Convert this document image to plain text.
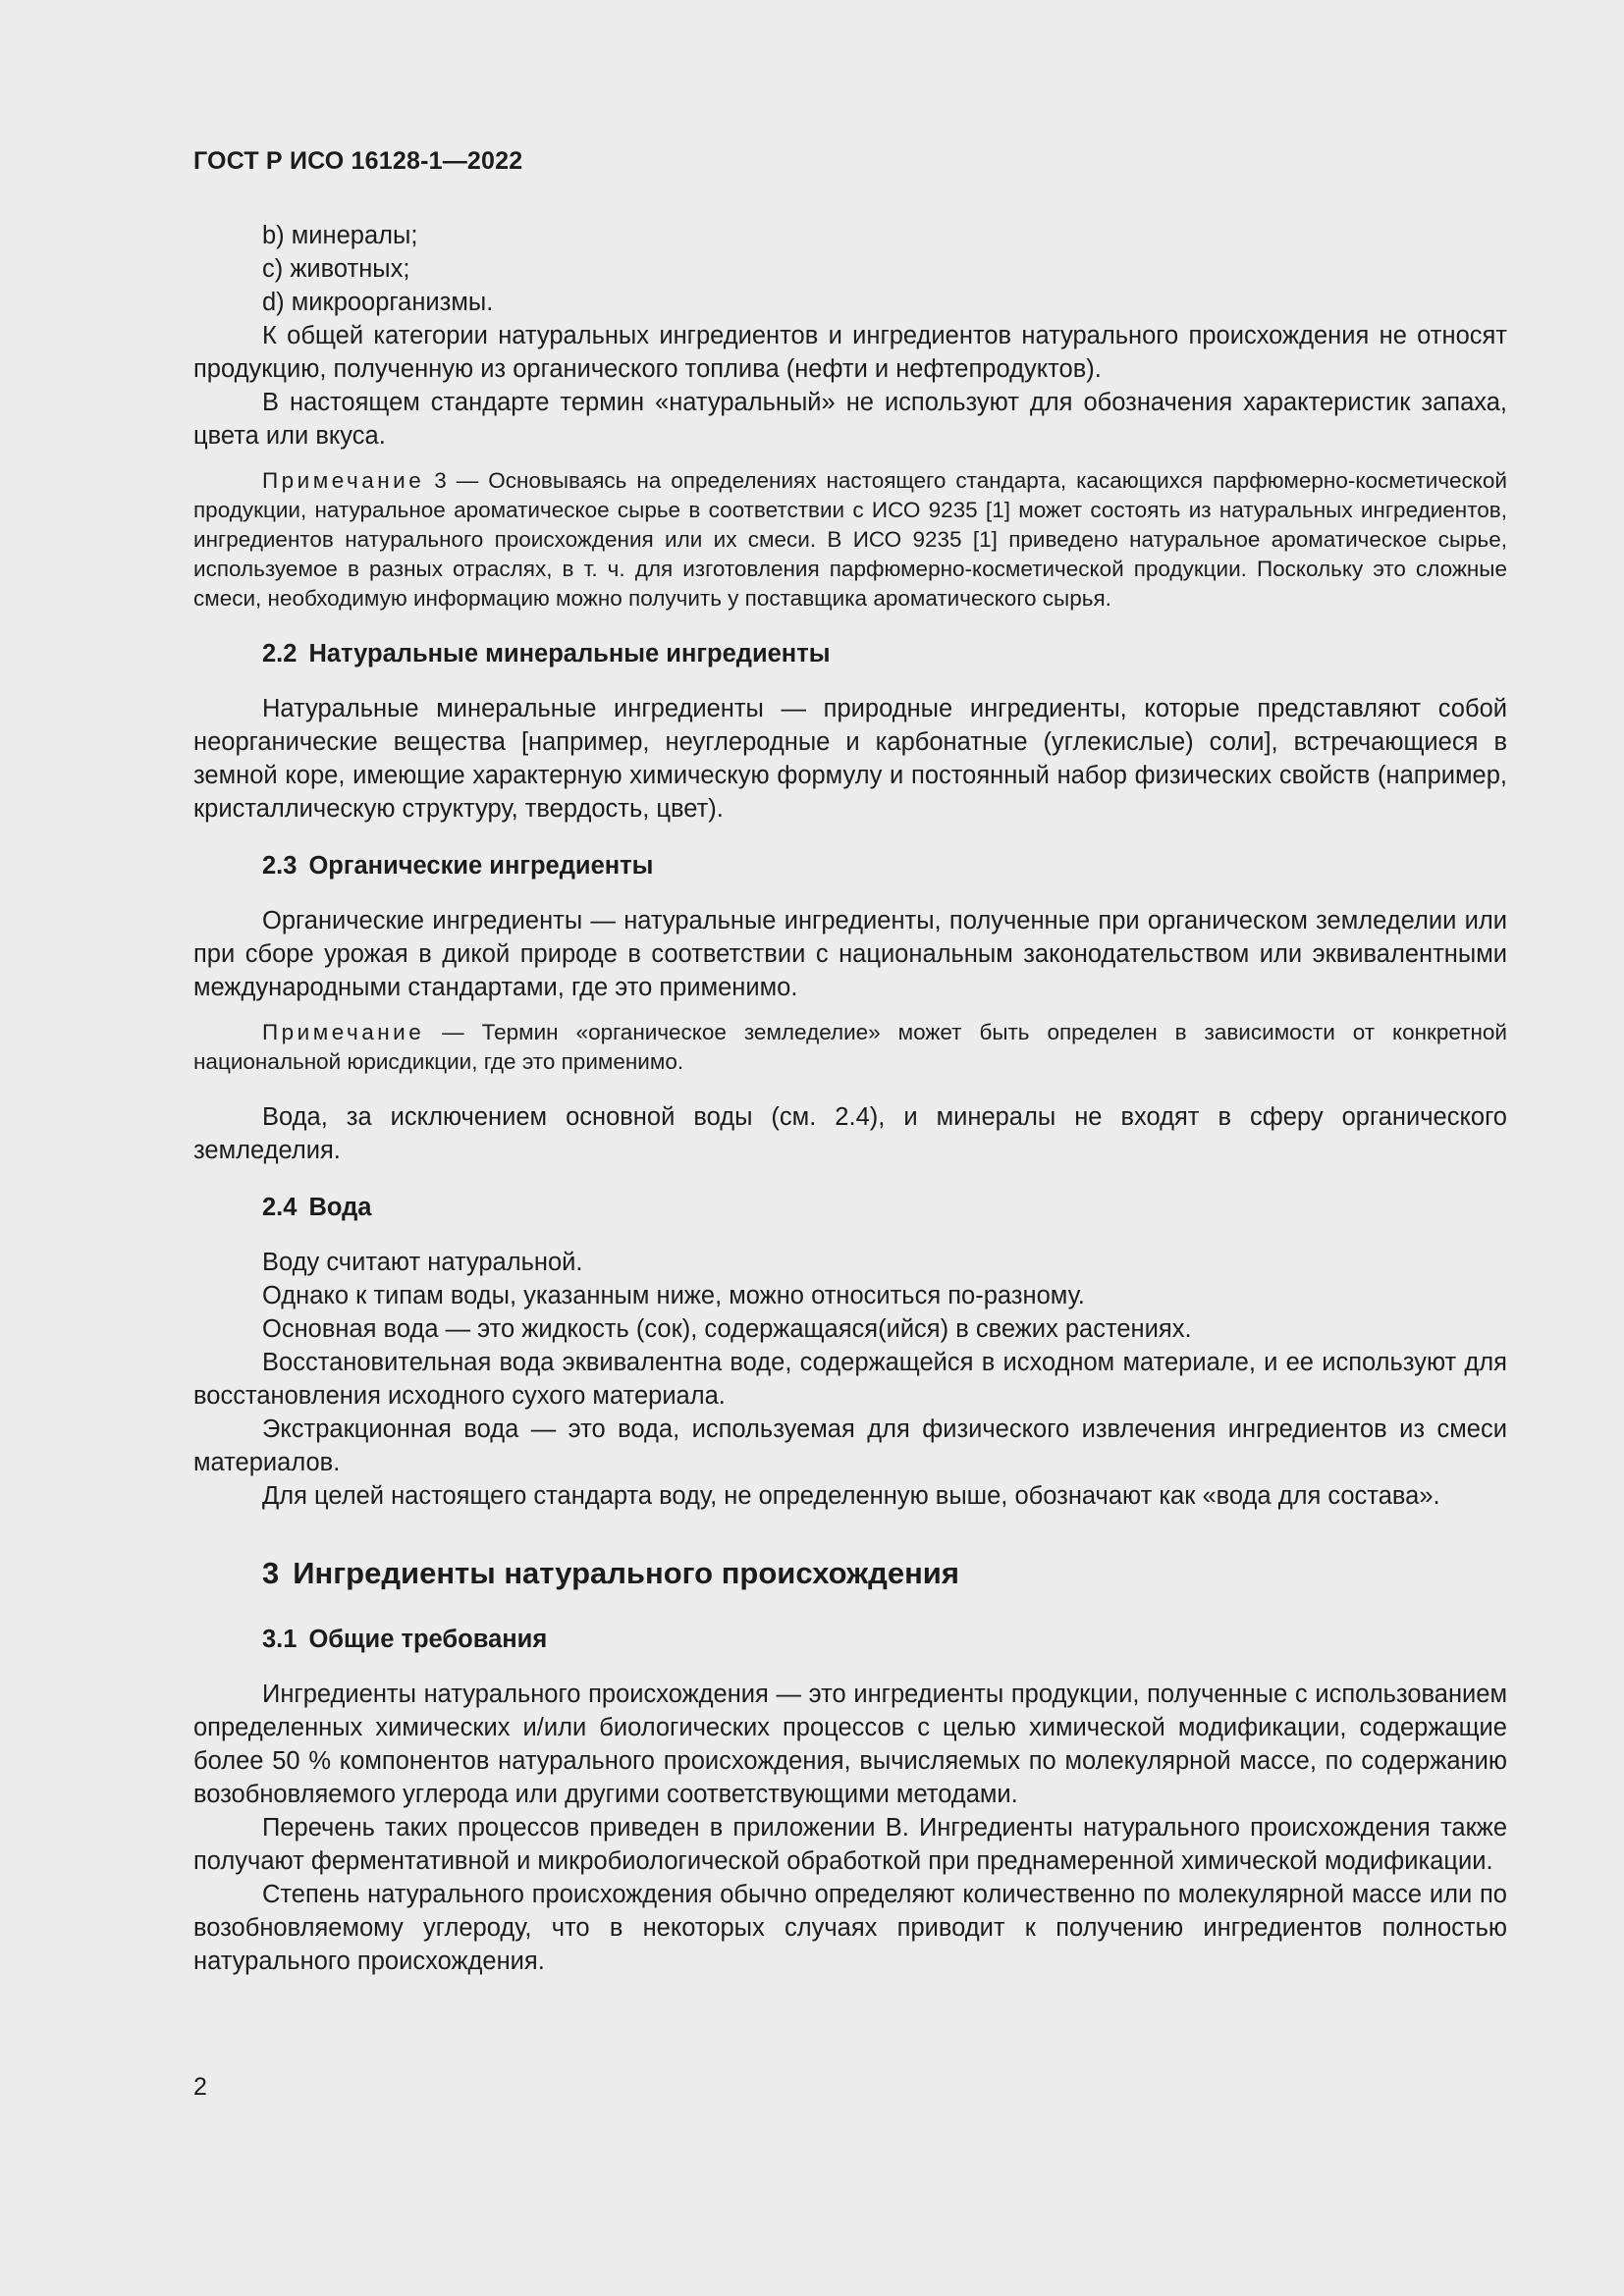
ГОСТ Р ИСО 16128-1—2022

b) минералы;

с) животных;

d) микроорганизмы.

К общей категории натуральных ингредиентов и ингредиентов натурального происхождения не относят продукцию, полученную из органического топлива (нефти и нефтепродуктов).

В настоящем стандарте термин «натуральный» не используют для обозначения характеристик запаха, цвета или вкуса.

Примечание 3 — Основываясь на определениях настоящего стандарта, касающихся парфюмерно-косметической продукции, натуральное ароматическое сырье в соответствии с ИСО 9235 [1] может состоять из натуральных ингредиентов, ингредиентов натурального происхождения или их смеси. В ИСО 9235 [1] приведено натуральное ароматическое сырье, используемое в разных отраслях, в т. ч. для изготовления парфюмерно-косметической продукции. Поскольку это сложные смеси, необходимую информацию можно получить у поставщика ароматического сырья.

2.2 Натуральные минеральные ингредиенты

Натуральные минеральные ингредиенты — природные ингредиенты, которые представляют собой неорганические вещества [например, неуглеродные и карбонатные (углекислые) соли], встречающиеся в земной коре, имеющие характерную химическую формулу и постоянный набор физических свойств (например, кристаллическую структуру, твердость, цвет).

2.3 Органические ингредиенты

Органические ингредиенты — натуральные ингредиенты, полученные при органическом земледелии или при сборе урожая в дикой природе в соответствии с национальным законодательством или эквивалентными международными стандартами, где это применимо.

Примечание — Термин «органическое земледелие» может быть определен в зависимости от конкретной национальной юрисдикции, где это применимо.

Вода, за исключением основной воды (см. 2.4), и минералы не входят в сферу органического земледелия.

2.4 Вода

Воду считают натуральной.

Однако к типам воды, указанным ниже, можно относиться по-разному.

Основная вода — это жидкость (сок), содержащаяся(ийся) в свежих растениях.

Восстановительная вода эквивалентна воде, содержащейся в исходном материале, и ее используют для восстановления исходного сухого материала.

Экстракционная вода — это вода, используемая для физического извлечения ингредиентов из смеси материалов.

Для целей настоящего стандарта воду, не определенную выше, обозначают как «вода для состава».

3 Ингредиенты натурального происхождения
3.1 Общие требования

Ингредиенты натурального происхождения — это ингредиенты продукции, полученные с использованием определенных химических и/или биологических процессов с целью химической модификации, содержащие более 50 % компонентов натурального происхождения, вычисляемых по молекулярной массе, по содержанию возобновляемого углерода или другими соответствующими методами.

Перечень таких процессов приведен в приложении В. Ингредиенты натурального происхождения также получают ферментативной и микробиологической обработкой при преднамеренной химической модификации.

Степень натурального происхождения обычно определяют количественно по молекулярной массе или по возобновляемому углероду, что в некоторых случаях приводит к получению ингредиентов полностью натурального происхождения.

2
